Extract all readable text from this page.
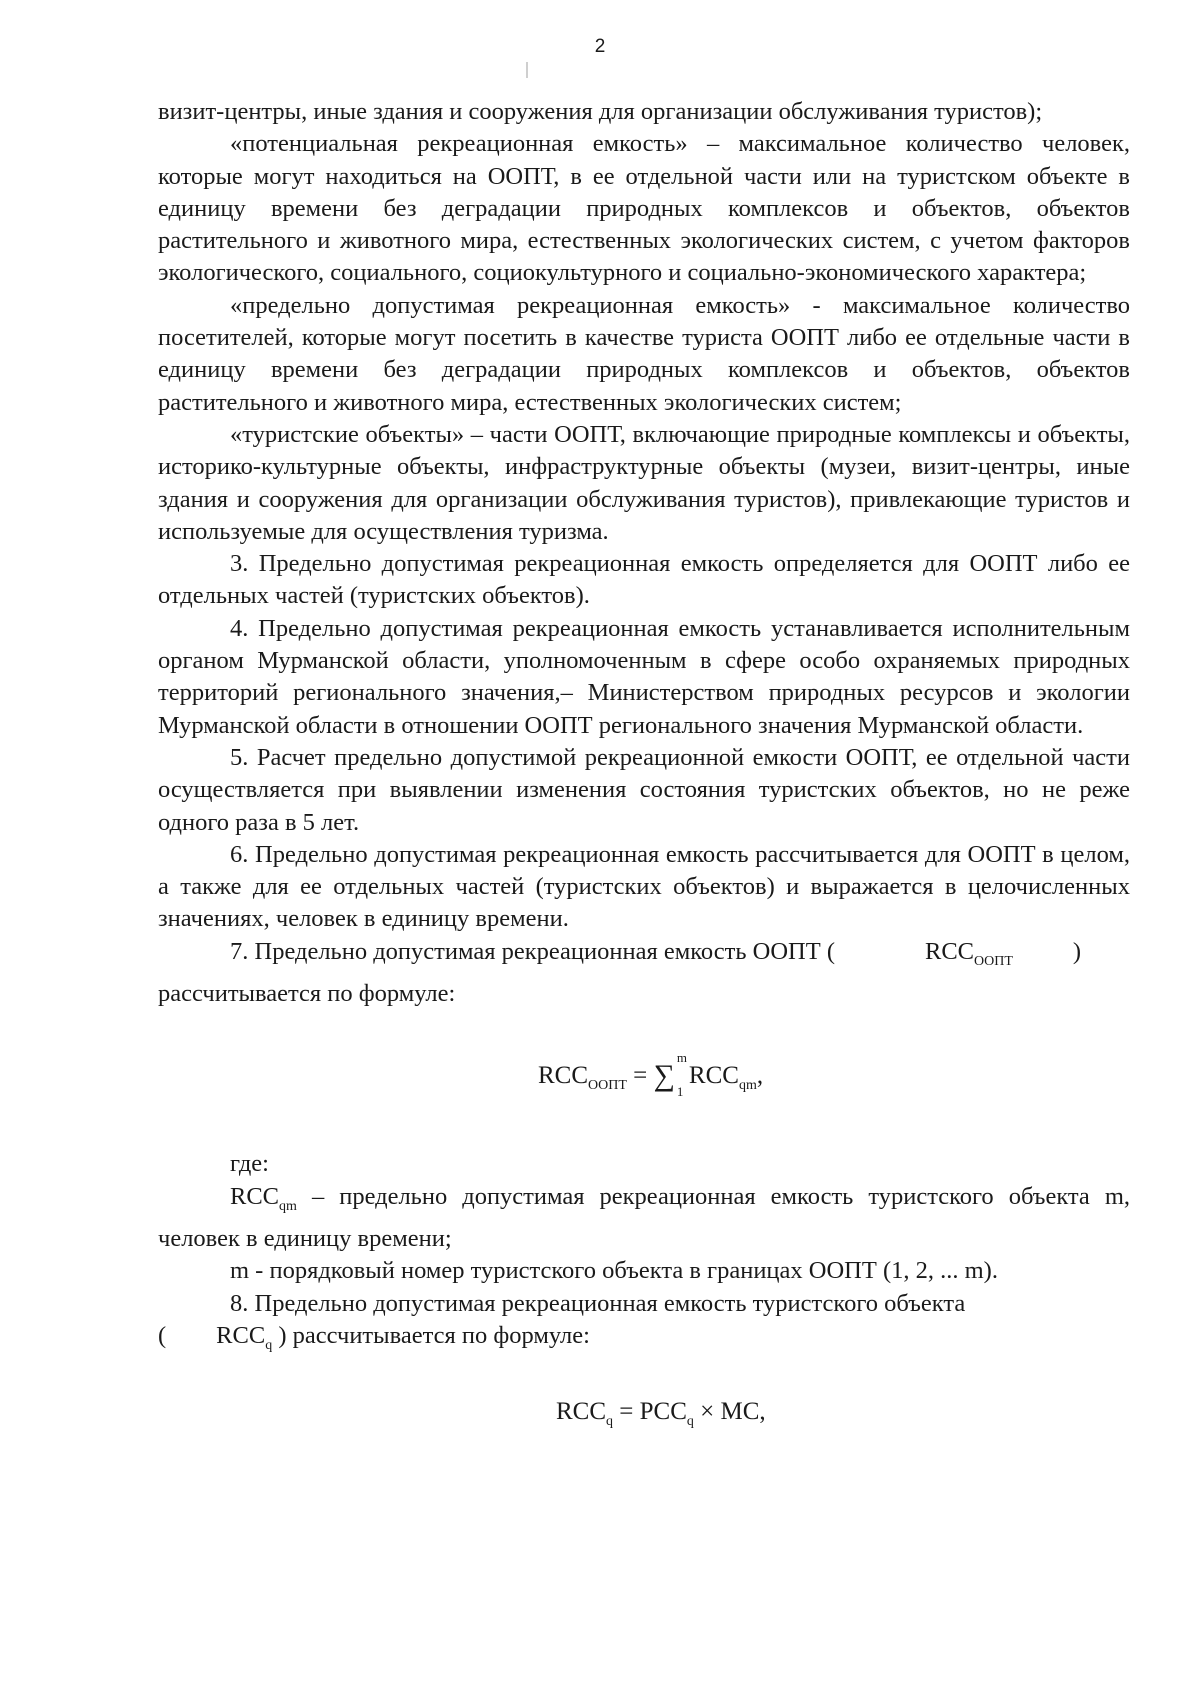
2

визит-центры, иные здания и сооружения для организации обслуживания туристов);

«потенциальная рекреационная емкость» – максимальное количество человек, которые могут находиться на ООПТ, в ее отдельной части или на туристском объекте в единицу времени без деградации природных комплексов и объектов, объектов растительного и животного мира, естественных экологических систем, с учетом факторов экологического, социального, социокультурного и социально-экономического характера;

«предельно допустимая рекреационная емкость» - максимальное количество посетителей, которые могут посетить в качестве туриста ООПТ либо ее отдельные части в единицу времени без деградации природных комплексов и объектов, объектов растительного и животного мира, естественных экологических систем;

«туристские объекты» – части ООПТ, включающие природные комплексы и объекты, историко-культурные объекты, инфраструктурные объекты (музеи, визит-центры, иные здания и сооружения для организации обслуживания туристов), привлекающие туристов и используемые для осуществления туризма.

3. Предельно допустимая рекреационная емкость определяется для ООПТ либо ее отдельных частей (туристских объектов).

4. Предельно допустимая рекреационная емкость устанавливается исполнительным органом Мурманской области, уполномоченным в сфере особо охраняемых природных территорий регионального значения,– Министерством природных ресурсов и экологии Мурманской области в отношении ООПТ регионального значения Мурманской области.

5. Расчет предельно допустимой рекреационной емкости ООПТ, ее отдельной части осуществляется при выявлении изменения состояния туристских объектов, но не реже одного раза в 5 лет.

6. Предельно допустимая рекреационная емкость рассчитывается для ООПТ в целом, а также для ее отдельных частей (туристских объектов) и выражается в целочисленных значениях, человек в единицу времени.

7. Предельно допустимая рекреационная емкость ООПТ (	$RCC_{ООПТ}$ )

рассчитывается по формуле:

$RCC_{ООПТ}$ = ∑
m
1
$RCC_{qm}$,

где:

$RCC_{qm}$ – предельно допустимая рекреационная емкость туристского объекта m, человек в единицу времени;

m - порядковый номер туристского объекта в границах ООПТ (1, 2, ... m).

8. Предельно допустимая рекреационная емкость туристского объекта

( $RCC_q$ ) рассчитывается по формуле:

$RCC_q = PCC_q$ × MC,
